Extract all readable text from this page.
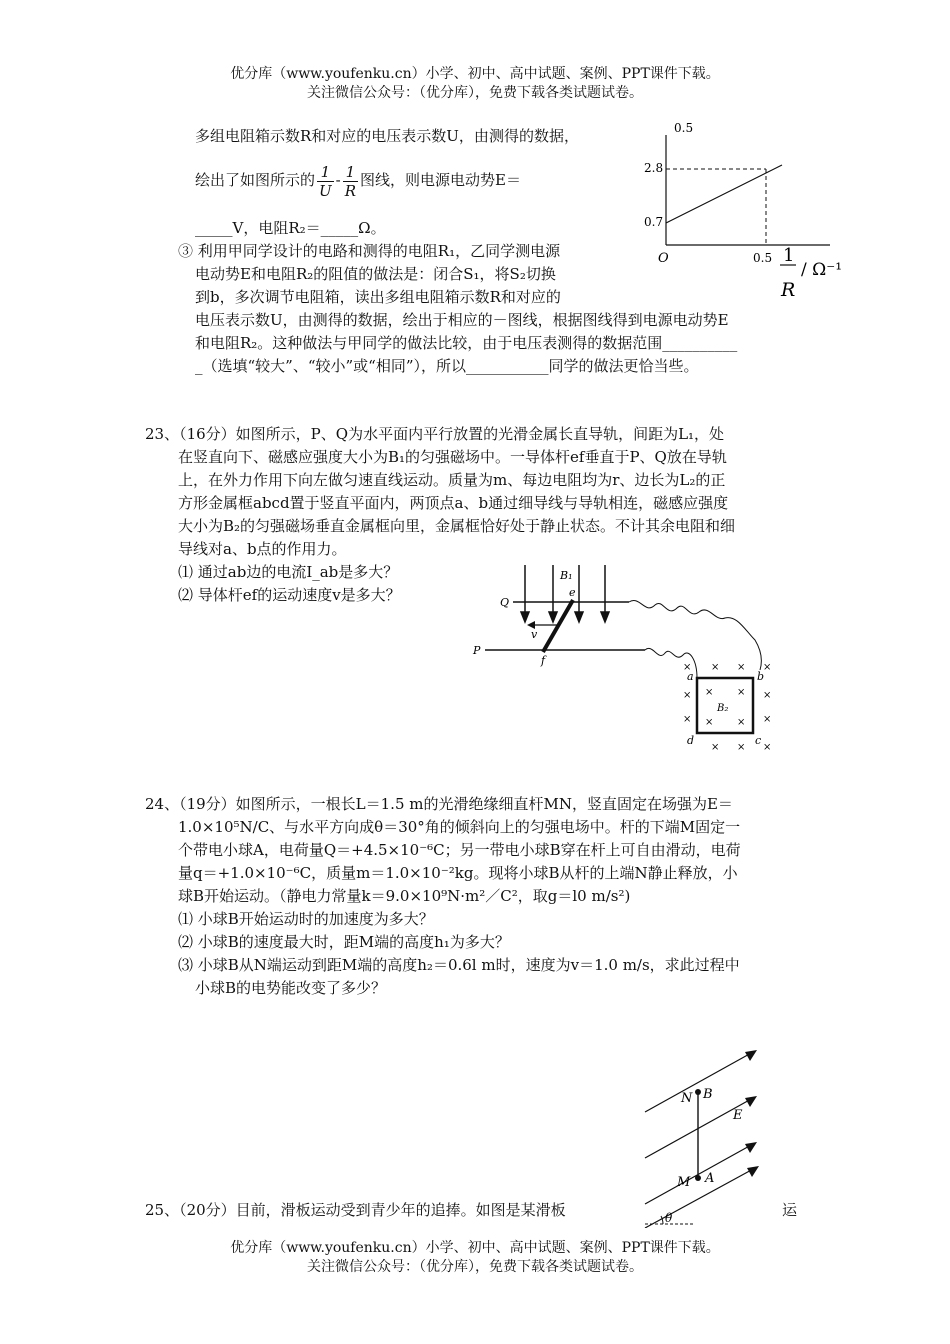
优分库（www.youfenku.cn）小学、初中、高中试题、案例、PPT课件下载。
关注微信公众号：（优分库），免费下载各类试题试卷。
多组电阻箱示数R和对应的电压表示数U，由测得的数据，
绘出了如图所示的 $\frac{1}{U} - \frac{1}{R}$ 图线，则电源电动势E＝
_____V，电阻R₂＝_____Ω。
③ 利用甲同学设计的电路和测得的电阻R₁，乙同学测电源
电动势E和电阻R₂的阻值的做法是：闭合S₁，将S₂切换
到b，多次调节电阻箱，读出多组电阻箱示数R和对应的
电压表示数U，由测得的数据，绘出于相应的－图线，根据图线得到电源电动势E
和电阻R₂。这种做法与甲同学的做法比较，由于电压表测得的数据范围__________
_（选填“较大”、“较小”或“相同”），所以___________同学的做法更恰当些。
0.5
2.8
0.7
O	0.5 1
R
/ Ω⁻¹
23、（16分）如图所示，P、Q为水平面内平行放置的光滑金属长直导轨，间距为L₁，处
在竖直向下、磁感应强度大小为B₁的匀强磁场中。一导体杆ef垂直于P、Q放在导轨
上，在外力作用下向左做匀速直线运动。质量为m、每边电阻均为r、边长为L₂的正
方形金属框abcd置于竖直平面内，两顶点a、b通过细导线与导轨相连，磁感应强度
大小为B₂的匀强磁场垂直金属框向里，金属框恰好处于静止状态。不计其余电阻和细
导线对a、b点的作用力。
⑴ 通过ab边的电流I_ab是多大？
⑵ 导体杆ef的运动速度v是多大？
B₁
Q
P
e
f
v
a	b
c
d
B₂
× × × ×
×	×
×	×
× ×
× ×
× × ×
24、（19分）如图所示，一根长L＝1.5 m的光滑绝缘细直杆MN，竖直固定在场强为E＝
1.0×10⁵N/C、与水平方向成θ＝30°角的倾斜向上的匀强电场中。杆的下端M固定一
个带电小球A，电荷量Q＝+4.5×10⁻⁶C；另一带电小球B穿在杆上可自由滑动，电荷
量q＝+1.0×10⁻⁶C，质量m＝1.0×10⁻²kg。现将小球B从杆的上端N静止释放，小
球B开始运动。（静电力常量k＝9.0×10⁹N·m²／C²，取g＝l0 m/s²)
⑴ 小球B开始运动时的加速度为多大？
⑵ 小球B的速度最大时，距M端的高度h₁为多大？
⑶ 小球B从N端运动到距M端的高度h₂＝0.6l m时，速度为v＝1.0 m/s，求此过程中
小球B的电势能改变了多少？
N B
E
M A
θ
25、（20分）目前，滑板运动受到青少年的追捧。如图是某滑板	运
优分库（www.youfenku.cn）小学、初中、高中试题、案例、PPT课件下载。
关注微信公众号：（优分库），免费下载各类试题试卷。
